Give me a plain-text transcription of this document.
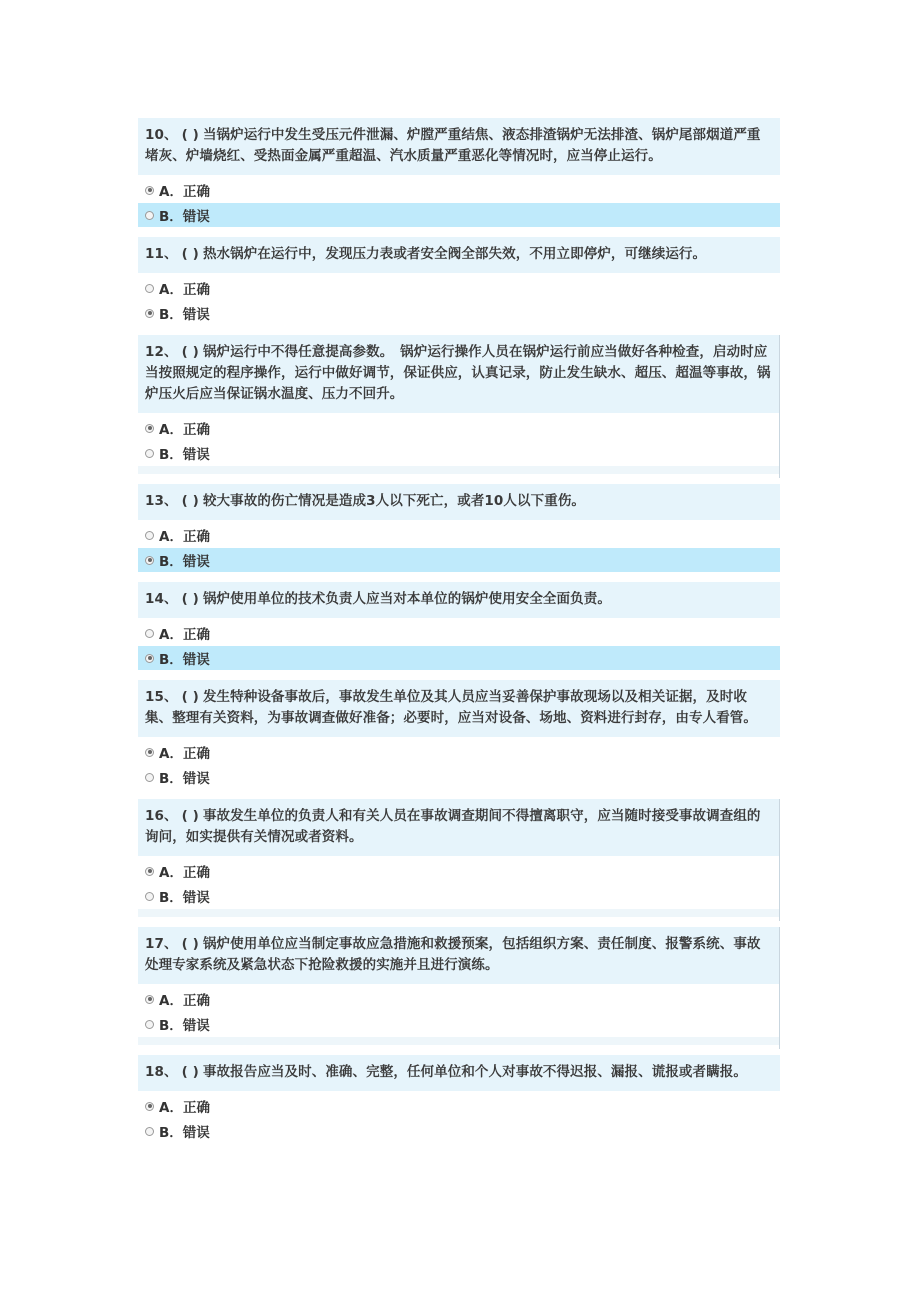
10、 ( ) 当锅炉运行中发生受压元件泄漏、炉膛严重结焦、液态排渣锅炉无法排渣、锅炉尾部烟道严重堵灰、炉墙烧红、受热面金属严重超温、汽水质量严重恶化等情况时，应当停止运行。
A．正确
B．错误
11、 ( ) 热水锅炉在运行中，发现压力表或者安全阀全部失效，不用立即停炉，可继续运行。
A．正确
B．错误
12、 ( ) 锅炉运行中不得任意提高参数。　锅炉运行操作人员在锅炉运行前应当做好各种检查，启动时应当按照规定的程序操作，运行中做好调节，保证供应，认真记录，防止发生缺水、超压、超温等事故，锅炉压火后应当保证锅水温度、压力不回升。
A．正确
B．错误
13、 ( ) 较大事故的伤亡情况是造成3人以下死亡，或者10人以下重伤。
A．正确
B．错误
14、 ( ) 锅炉使用单位的技术负责人应当对本单位的锅炉使用安全全面负责。
A．正确
B．错误
15、 ( ) 发生特种设备事故后，事故发生单位及其人员应当妥善保护事故现场以及相关证据，及时收集、整理有关资料，为事故调查做好准备；必要时，应当对设备、场地、资料进行封存，由专人看管。
A．正确
B．错误
16、 ( ) 事故发生单位的负责人和有关人员在事故调查期间不得擅离职守，应当随时接受事故调查组的询问，如实提供有关情况或者资料。
A．正确
B．错误
17、 ( ) 锅炉使用单位应当制定事故应急措施和救援预案，包括组织方案、责任制度、报警系统、事故处理专家系统及紧急状态下抢险救援的实施并且进行演练。
A．正确
B．错误
18、 ( ) 事故报告应当及时、准确、完整，任何单位和个人对事故不得迟报、漏报、谎报或者瞒报。
A．正确
B．错误
